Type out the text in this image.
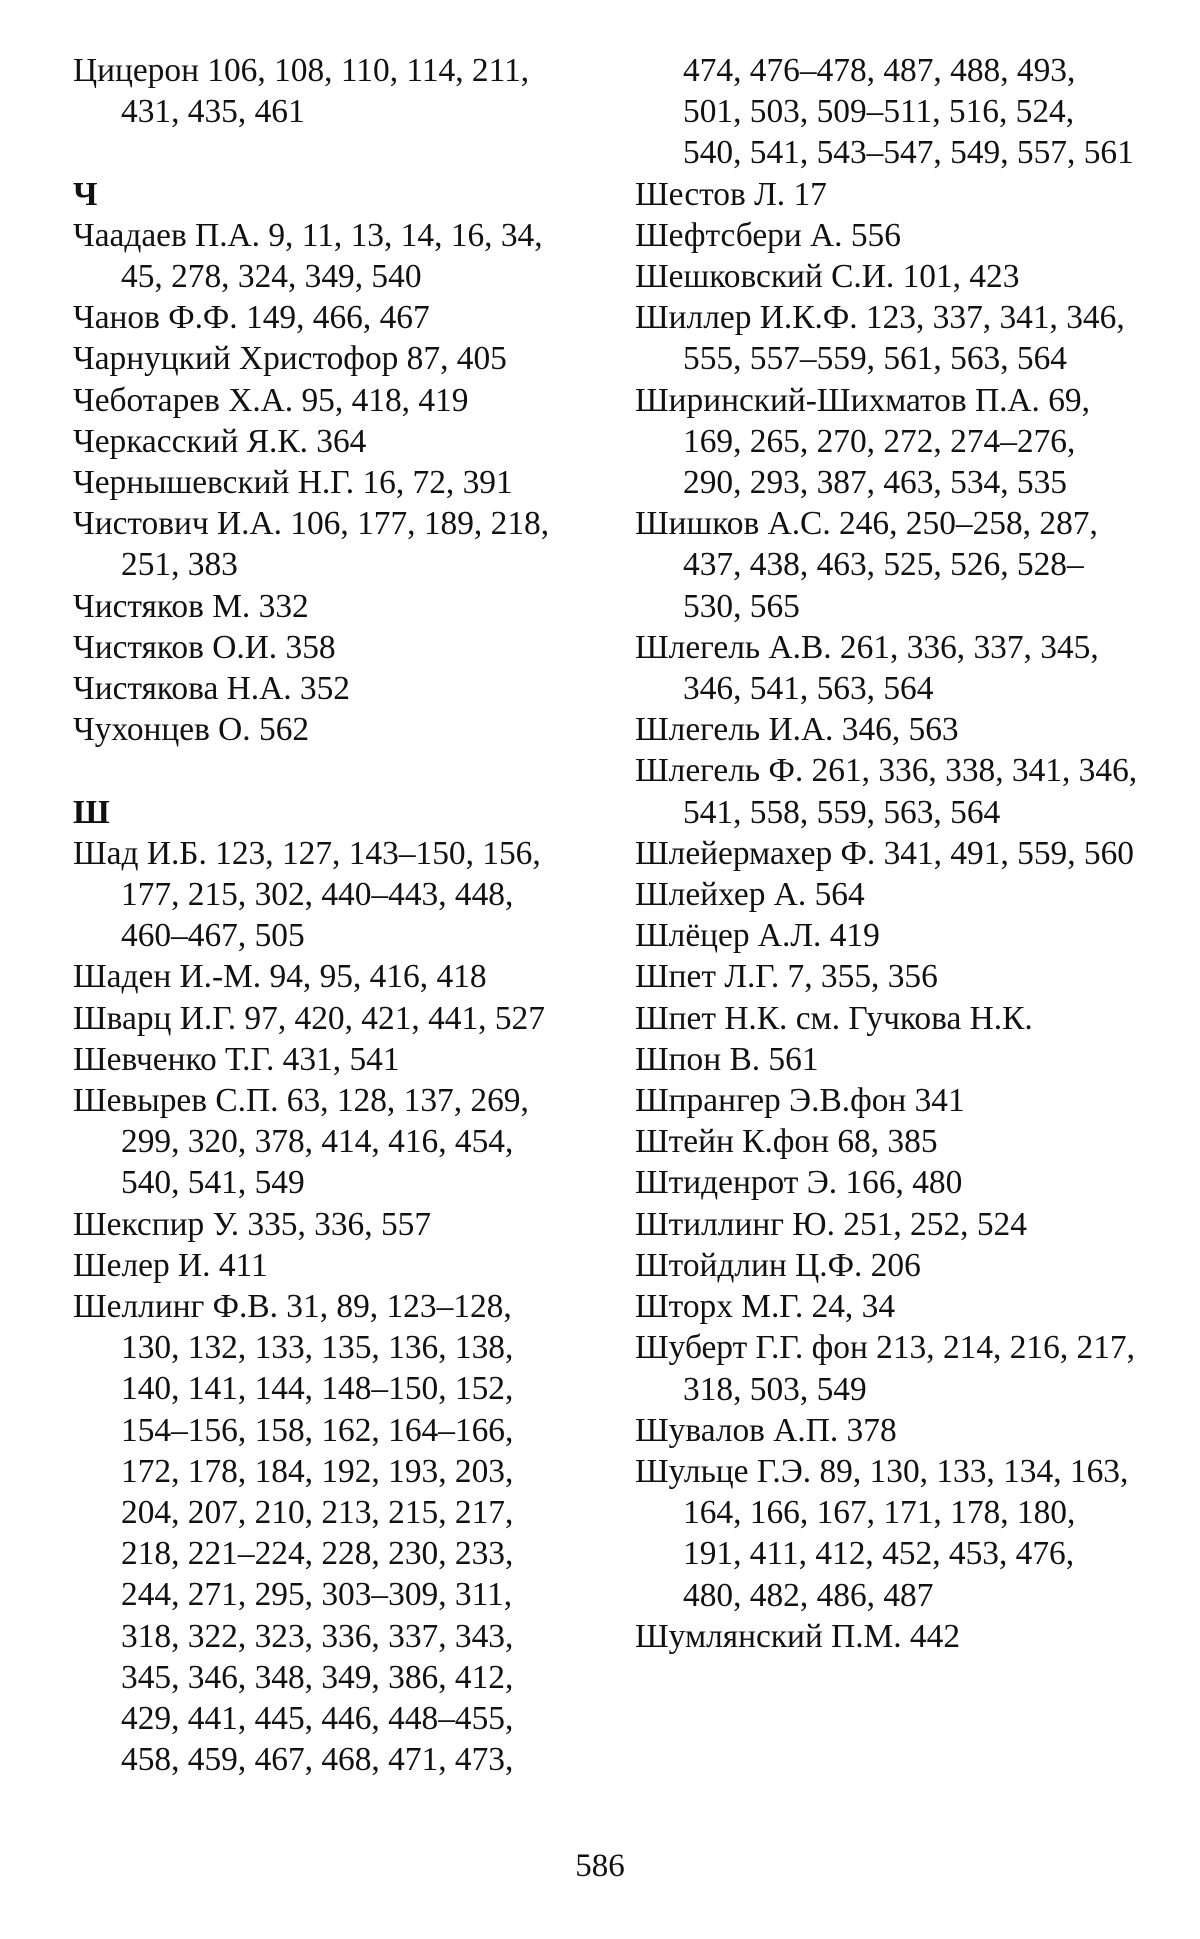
Цицерон 106, 108, 110, 114, 211, 431, 435, 461

Ч

Чаадаев П.А. 9, 11, 13, 14, 16, 34, 45, 278, 324, 349, 540

Чанов Ф.Ф. 149, 466, 467

Чарнуцкий Христофор 87, 405

Чеботарев Х.А. 95, 418, 419

Черкасский Я.К. 364

Чернышевский Н.Г. 16, 72, 391

Чистович И.А. 106, 177, 189, 218, 251, 383

Чистяков М. 332

Чистяков О.И. 358

Чистякова Н.А. 352

Чухонцев О. 562

Ш

Шад И.Б. 123, 127, 143–150, 156, 177, 215, 302, 440–443, 448, 460–467, 505

Шаден И.-М. 94, 95, 416, 418

Шварц И.Г. 97, 420, 421, 441, 527

Шевченко Т.Г. 431, 541

Шевырев С.П. 63, 128, 137, 269, 299, 320, 378, 414, 416, 454, 540, 541, 549

Шекспир У. 335, 336, 557

Шелер И. 411

Шеллинг Ф.В. 31, 89, 123–128, 130, 132, 133, 135, 136, 138, 140, 141, 144, 148–150, 152, 154–156, 158, 162, 164–166, 172, 178, 184, 192, 193, 203, 204, 207, 210, 213, 215, 217, 218, 221–224, 228, 230, 233, 244, 271, 295, 303–309, 311, 318, 322, 323, 336, 337, 343, 345, 346, 348, 349, 386, 412, 429, 441, 445, 446, 448–455, 458, 459, 467, 468, 471, 473,

474, 476–478, 487, 488, 493, 501, 503, 509–511, 516, 524, 540, 541, 543–547, 549, 557, 561

Шестов Л. 17

Шефтсбери А. 556

Шешковский С.И. 101, 423

Шиллер И.К.Ф. 123, 337, 341, 346, 555, 557–559, 561, 563, 564

Ширинский-Шихматов П.А. 69, 169, 265, 270, 272, 274–276, 290, 293, 387, 463, 534, 535

Шишков А.С. 246, 250–258, 287, 437, 438, 463, 525, 526, 528–530, 565

Шлегель А.В. 261, 336, 337, 345, 346, 541, 563, 564

Шлегель И.А. 346, 563

Шлегель Ф. 261, 336, 338, 341, 346, 541, 558, 559, 563, 564

Шлейермахер Ф. 341, 491, 559, 560

Шлейхер А. 564

Шлёцер А.Л. 419

Шпет Л.Г. 7, 355, 356

Шпет Н.К. см. Гучкова Н.К.

Шпон В. 561

Шпрангер Э.В.фон 341

Штейн К.фон 68, 385

Штиденрот Э. 166, 480

Штиллинг Ю. 251, 252, 524

Штойдлин Ц.Ф. 206

Шторх М.Г. 24, 34

Шуберт Г.Г. фон 213, 214, 216, 217, 318, 503, 549

Шувалов А.П. 378

Шульце Г.Э. 89, 130, 133, 134, 163, 164, 166, 167, 171, 178, 180, 191, 411, 412, 452, 453, 476, 480, 482, 486, 487

Шумлянский П.М. 442

586
